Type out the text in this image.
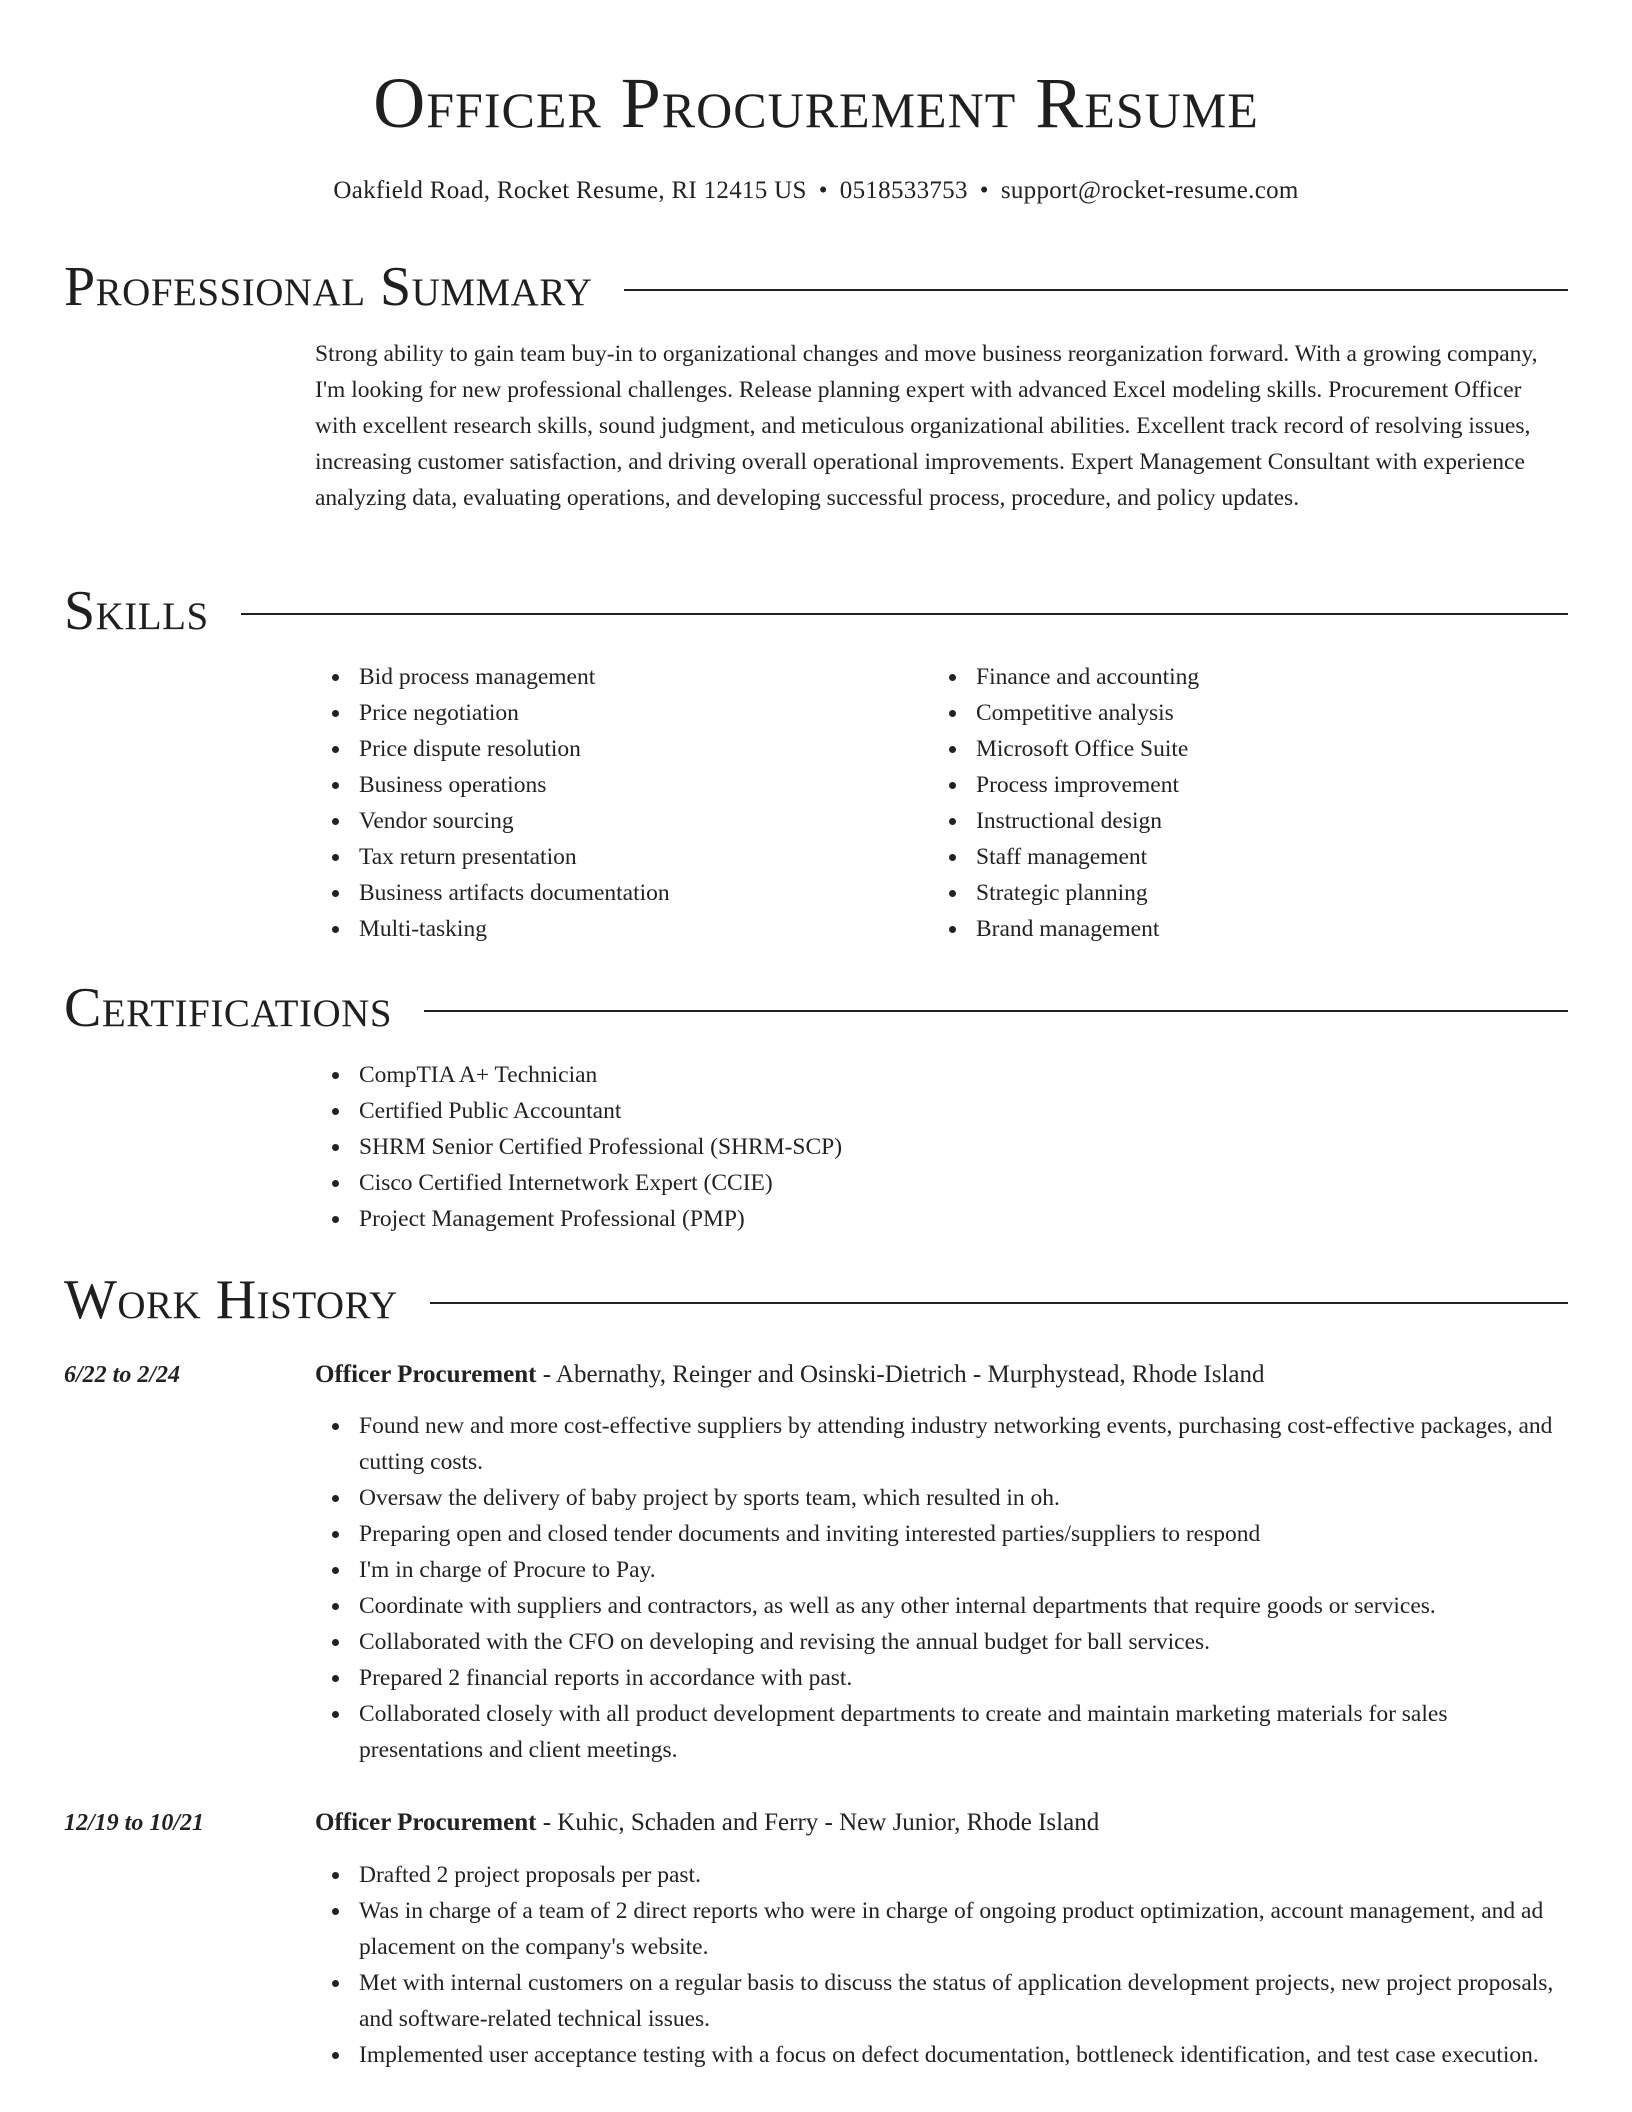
Officer Procurement Resume
Oakfield Road, Rocket Resume, RI 12415 US • 0518533753 • support@rocket-resume.com
Professional Summary

Strong ability to gain team buy-in to organizational changes and move business reorganization forward. With a growing company, I'm looking for new professional challenges. Release planning expert with advanced Excel modeling skills. Procurement Officer with excellent research skills, sound judgment, and meticulous organizational abilities. Excellent track record of resolving issues, increasing customer satisfaction, and driving overall operational improvements. Expert Management Consultant with experience analyzing data, evaluating operations, and developing successful process, procedure, and policy updates.

Skills
Bid process management
Price negotiation
Price dispute resolution
Business operations
Vendor sourcing
Tax return presentation
Business artifacts documentation
Multi-tasking
Finance and accounting
Competitive analysis
Microsoft Office Suite
Process improvement
Instructional design
Staff management
Strategic planning
Brand management
Certifications
CompTIA A+ Technician
Certified Public Accountant
SHRM Senior Certified Professional (SHRM-SCP)
Cisco Certified Internetwork Expert (CCIE)
Project Management Professional (PMP)
Work History
6/22 to 2/24	Officer Procurement - Abernathy, Reinger and Osinski-Dietrich - Murphystead, Rhode Island
Found new and more cost-effective suppliers by attending industry networking events, purchasing cost-effective packages, and cutting costs.
Oversaw the delivery of baby project by sports team, which resulted in oh.
Preparing open and closed tender documents and inviting interested parties/suppliers to respond
I'm in charge of Procure to Pay.
Coordinate with suppliers and contractors, as well as any other internal departments that require goods or services.
Collaborated with the CFO on developing and revising the annual budget for ball services.
Prepared 2 financial reports in accordance with past.
Collaborated closely with all product development departments to create and maintain marketing materials for sales presentations and client meetings.
12/19 to 10/21	Officer Procurement - Kuhic, Schaden and Ferry - New Junior, Rhode Island
Drafted 2 project proposals per past.
Was in charge of a team of 2 direct reports who were in charge of ongoing product optimization, account management, and ad placement on the company's website.
Met with internal customers on a regular basis to discuss the status of application development projects, new project proposals, and software-related technical issues.
Implemented user acceptance testing with a focus on defect documentation, bottleneck identification, and test case execution.
